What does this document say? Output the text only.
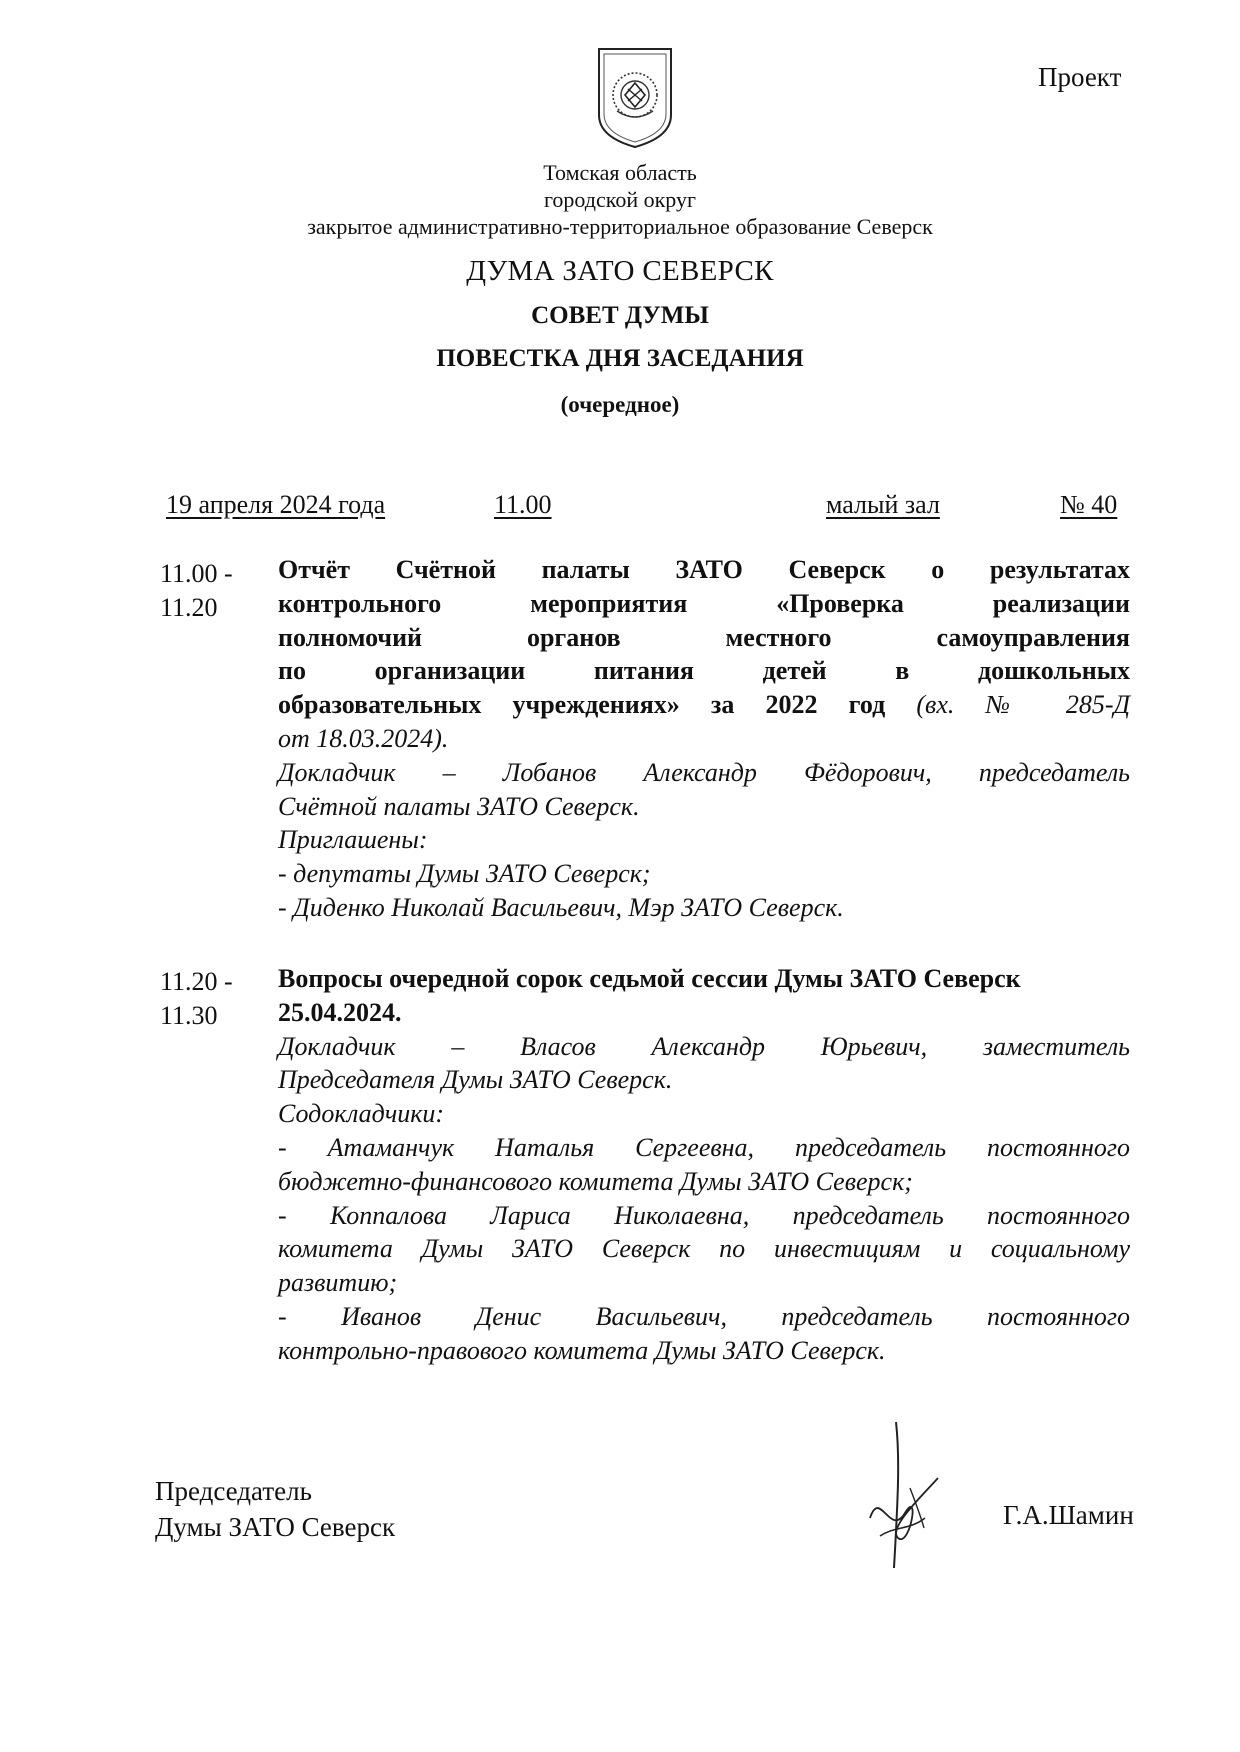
Проект
Томская область
городской округ
закрытое административно-территориальное образование Северск
ДУМА ЗАТО СЕВЕРСК
СОВЕТ ДУМЫ
ПОВЕСТКА ДНЯ ЗАСЕДАНИЯ
(очередное)
19 апреля 2024 года	11.00	малый зал	№ 40
11.00 -
11.20
Отчёт Счётной палаты ЗАТО Северск о результатах
контрольного мероприятия «Проверка реализации
полномочий органов местного самоуправления
по организации питания детей в дошкольных
образовательных учреждениях» за 2022 год (вх. № 285-Д
от 18.03.2024).
Докладчик – Лобанов Александр Фёдорович, председатель
Счётной палаты ЗАТО Северск.
Приглашены:
- депутаты Думы ЗАТО Северск;
- Диденко Николай Васильевич, Мэр ЗАТО Северск.
11.20 -
11.30
Вопросы очередной сорок седьмой сессии Думы ЗАТО Северск
25.04.2024.
Докладчик – Власов Александр Юрьевич, заместитель
Председателя Думы ЗАТО Северск.
Содокладчики:
- Атаманчук Наталья Сергеевна, председатель постоянного
бюджетно-финансового комитета Думы ЗАТО Северск;
- Коппалова Лариса Николаевна, председатель постоянного
комитета Думы ЗАТО Северск по инвестициям и социальному
развитию;
- Иванов Денис Васильевич, председатель постоянного
контрольно-правового комитета Думы ЗАТО Северск.
Председатель
Думы ЗАТО Северск	Г.А.Шамин
